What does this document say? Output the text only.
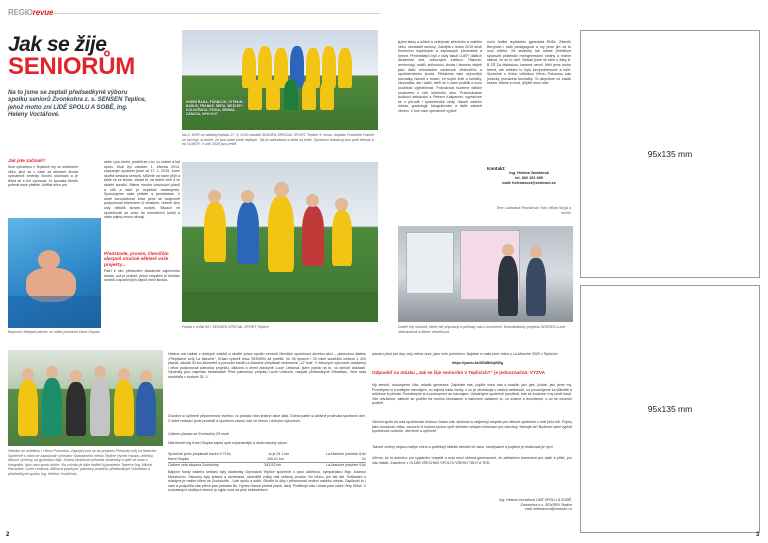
REGIOrevue
Jak se žije
SENIORŮM
Na to jsme se zeptali předsedkyně výboru spolku seniorů Zvonkohra z. s. SENSEN Teplice, jehož motto zní LIDÉ SPOLU A SOBĚ, Ing. Heleny Voctářové.
Jak jste začínali?
Klub vytvářeno v Teplicích my ve sraženém věku, jimž se v čase za středem života významně směnily životní okolnosti a je třeba se s tím vyrovnat. Je spousta člověk potmat nové přátele. Udělat něco pro
Bojovníci Nejlepší plavec se může pochlubit Karel Stupka.
sebe i pro druhé, podělit se o to, co máme a být spolu. Klub byl založen 1. března 2014, zapsaným spolkem jsme od 17. 1. 2015. Jsme skvělá sestava seniorů. Můžete za námi přijít a táhle se ze života, zůstat fit, na dobré vlně a ve skvělé kondici. Máme mnoho vzrušných plánů a cílů a také je úspěšně realizujeme. Sponzujeme naše přátele a pomáháme. V době koronavirové krize jsme se vzájemně podporovali telefonem či emailem, hlavně šiny ušly několik stovek roušek. Situace ve společnosti se vrací do normálních kolejí a naše zájmy znovu ožívají.
Představte, prosím, čtenářům alespoň stručně některé vaše projekty...
Patří k nim především Akademie zájmového studia, což je projekt, jehož smyslem je hledání vztahů a společných zájmů mezi školou,
HORNÍ ŘADA: FÜRBACH, STEHLÍK, BAŠUS, FRANKE, ŠERÁ, WEJKER / DOLNÍ ŘADA: PÍCHA, SEMMÁ, ZÁBUSA, MYKOVIČ
Na II. MČR ve walking fotbalu 27. 9. 2019 obsadil SENSEN SPECIÁL SPORT Teplice 3. místo. Kapitán František Franke se usmívá, si dobře, že jsou stále ještě nejlepší. Tak je odhodlaná a zbitá na ještě. Sportovní fotbalový tým plně trénuje a na VLMČR. V září 2020 jsou ještě.
Fotbal v chůzi 60+ SENSEN SPECIÁL SPORT Teplice
jejími lásky a učiteli a veřejností středního a zralého věku, obzvláště seniory. Zahájila v lednu 2019 šestí tříměsíční úspěšných a zajímavých přednášek a besed. Přednášející byli z řady fakult UJEP, dalších Akademie věd, odborných institucí. Historici, archeologi, malíři, knihovníci, života i Vesmíru stejně jako další mimořádné osobnosti vědeckého a společenského života. Přinášíme vám nejnovější poznatky, hlavně z muzeí, ze svých knih a turistiky, vitrovačka, ale i další, kteří se s námi podělili o svou osobitost výjimečnost. Pokračovat budeme dalším souborem v září letošního roku. Pravováváme budoucí setkávání s Petrem Kašparem, vyprávíme se o přírodě i společenské vědy, historii našeho města, gradologii, fotografování a další zábavě věcem. V tom nám významně vyjíždí
ruční ředitel teplického gymnázia RNDr. Zdeněk Bergman i stálí pedagogové a my jsme jim za to moc vděční. Se studenty tak máme příležitost spoluvzít přátelské mezigenerační vztahy a máme radost, že se to daří. Setkali jsme se také s žáky 8. B ZŠ Za Mateskou, kamera nemít. Měli jsme touhu tréma, ale setkání to bylo bezproblémové a milé. Společně s třídou učitelkou Věrou Pokornou nás juniorky provázela kuchařky. To abychom už začali šestra. Máme k chuti, přijďte mezi nás!
Kontakt:
Ing. Helena Voctářová
tel. 602 151 399
mail: helenavoct@centrum.cz
Text: Ladislava Řezníková / foto: Milan Stryja a archiv
Dobré víly seniorů, které vše připravují a přivítaly nás s úsměvem. Koordinátorky projektu SENSEN Lucie Nekvasilová a Marie Veselíková.
95x135 mm
95x135 mm
Setkání se učitelkou i Věrou Pokornou. Zapojili jsme se do projektu Překonej svůj La Manche. Společně s námi se zapojovali i primátor Statutárního města Teplice Hynek Hanza, učitelka klikové výchovy na gymnáziu Mgr. Jolana Mrázková přivedla studentky a opět se zase z fotografie, bylo nám spolu dobře. Na snímku je dále ředitel Kyjovského Tepelce Ing. Michal Paroubek, Lucie Lešková, dlůhová plavkyně, patronky projektu, předsedkyně Gibraltaru a předsedkyně spolku Ing. Helena Voctářová.
Helena má radost z dobrých vztahů a skvělé práce spolku seniorů Nemůže opominout skvělou akci – plaveckou štafetu „Přeplavme svůj La Manche“. Krásu vytvořil letos SENSEN až potěšil. Ve 26 týmech i 20 mimi soutěžilo celkem 1 420 plavců, zdolali 34 km kilometrů a ponoukli kanál La-Manche přeplavali ceremonie „12“ kráť. V žákových výkonech obsazeny i letos podporovali patronka projektu, dálková a zimní plavkyně Lucie Lešková, jsem pyšná na to, co senioři dokázali. Výsledky jsou naprosto fantastické! Před patronkou projektu Lucie Leškové, naopak předsedkyně Gibraltaru, Vera ráda navštívila v budově 25. 3.
Dovolím si upřímně připomenout všehno, co plánálo nám krásné akce dala. Dobrá partie si aktivně prožívala sportovní den. V době relaxací jsme provedli a sportovní závod, kde se ženou i dobrých výkonech:
Celkem plavalo ze Zvonkohry 29 osob
Náš fávorit Ing Karel Stupka zaplul opět nejúžasnější a obdivuhodný výkon.
Společně jsme přeplavali bazén 9 719x,	to je 24 1 km	La-Manche pokořen 6,8x
Karel Stupka	100,01 km	2x
Celkem celá skupina Zvonkohry	343,53 km	La-Manche pokořen 9,8x
Báječní hosty našeho setkání byly studentky Gymnázia Teplice společně s paní učitelkou, sympaťákou Mgr. Jolanou Mrázkovou. Všechny byly krásné a usměvavé, okamžitě vnikly náš velkový prostor. No tohoo, jen tak dál. Setkávání s mladými je našim cílem ve Zvonkohře - Lidé spolu a sobě. Skvělé to díky i přítomnosti vedení našeho města. Zapůsobí to i nám a podpořila nás přece pan primátor Bc. Hynek Hanza (dobrá plave, fakt). Poděkuje nás i účast paní radní Věry Kříha. V současných složitých zkeích je vyjdu vína na plné sebevědomí
plavání před pár dny, celý měsíc únor, jako míle poholnení. Najdete si naše plné video o La-Manche 2020 v Teplicích:
https://youtu.be/5GzBt2qiKBg
Odpověď na otázku „Jak se žije seniorům v Teplicích?“ je jednoznačná: VÝZVA
My senioři, oslovujeme Vás, mladší generace: Zajímáte nás, pojďte mezi nás a ukažte, jací jste, jízdíte, jací jsme my. Povídejme si a sdílejme navzájem, co zajímá naše životy, o co je obohacuje v našich setkáních, co považujeme za důležité a můžeme si předat. Pomáhejme si a pochopíme se navzájem. Vytvářejme společně prostředí, kde se budeme i my umět bavit. Vše odvážíme, aktivně se podílet na mnoha činnostech a nabízíme ostatním to, co známe a dovedeme, o co se chceme podělit.
Všichni spolu do nad společností klidnou i lásku síla, slušnost a vzájemný respekt pro věkové spektrum v celé jeho šíři. Pojmy jako moudrost, etika, osvícení či kultura budou opět středem velkých informací pro všechny. Nebojte se! Budeme sami vyplnit společnost vzdorně, otevřeně a upřímně.
Takové změny nejsou malým cílem a potřebují několik desítek let času, nezbýváme a pojďme je realizovat již nyní.
Věřme, že to dobrého pro vyjasnění respekt a úctu mezi oběma generacemi, že základním kamenem pro další a přiští, pro vás mladé. Začněme v OLDÍM VŠECHNO SPOLTU VŠEHO TADY A TEĎ.
Ing. Helena Voctářová LIDÉ SPOLU A SOBĚ,
Zvonkohra z.s. SENSEN Teplice
mail: helenavoct@centrum.cz
2	3
